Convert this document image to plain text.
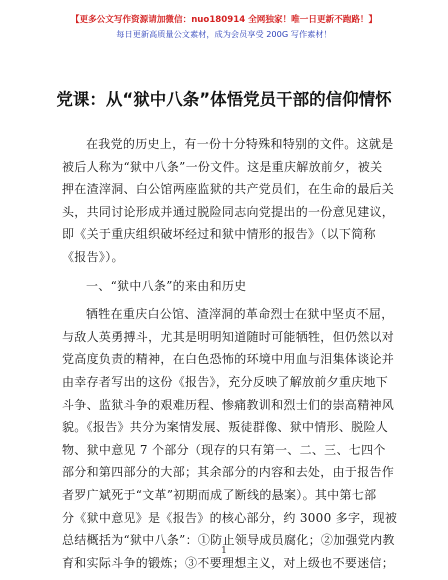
【更多公文写作资源请加微信：nuo180914 全网独家！唯一日更新不跑路！】
每日更新高质量公文素材，成为会员享受 200G 写作素材！
党课：从“狱中八条”体悟党员干部的信仰情怀
在我党的历史上，有一份十分特殊和特别的文件。这就是
被后人称为“狱中八条”一份文件。这是重庆解放前夕，被关
押在渣滓洞、白公馆两座监狱的共产党员们，在生命的最后关
头，共同讨论形成并通过脱险同志向党提出的一份意见建议，
即《关于重庆组织破坏经过和狱中情形的报告》（以下简称
《报告》）。
一、“狱中八条”的来由和历史
牺牲在重庆白公馆、渣滓洞的革命烈士在狱中坚贞不屈，
与敌人英勇搏斗，尤其是明明知道随时可能牺牲，但仍然以对
党高度负责的精神，在白色恐怖的环境中用血与泪集体谈论并
由幸存者写出的这份《报告》，充分反映了解放前夕重庆地下
斗争、监狱斗争的艰难历程、惨痛教训和烈士们的崇高精神风
貌。《报告》共分为案情发展、叛徒群像、狱中情形、脱险人
物、狱中意见 7 个部分（现存的只有第一、二、三、七四个
部分和第四部分的大部；其余部分的内容和去处，由于报告作
者罗广斌死于“文革”初期而成了断线的悬案）。其中第七部
分《狱中意见》是《报告》的核心部分，约 3000 多字，现被
总结概括为“狱中八条”：①防止领导成员腐化；②加强党内教
育和实际斗争的锻炼；③不要理想主义，对上级也不要迷信；
1
